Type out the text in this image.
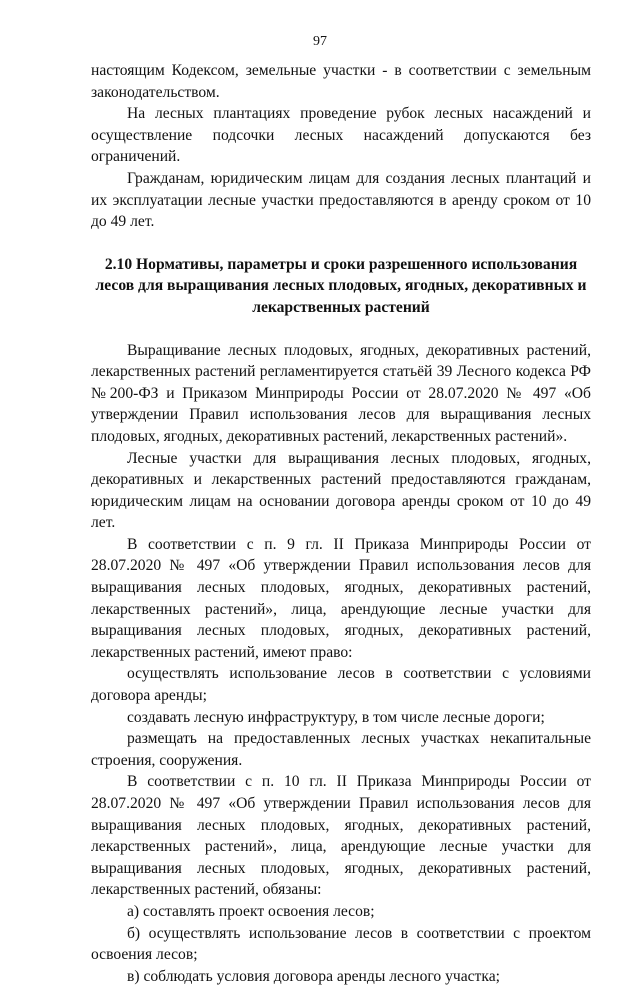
97

настоящим Кодексом, земельные участки - в соответствии с земельным законодательством.

На лесных плантациях проведение рубок лесных насаждений и осуществление подсочки лесных насаждений допускаются без ограничений.

Гражданам, юридическим лицам для создания лесных плантаций и их эксплуатации лесные участки предоставляются в аренду сроком от 10 до 49 лет.

2.10 Нормативы, параметры и сроки разрешенного использования лесов для выращивания лесных плодовых, ягодных, декоративных и лекарственных растений

Выращивание лесных плодовых, ягодных, декоративных растений, лекарственных растений регламентируется статьёй 39 Лесного кодекса РФ №200-ФЗ и Приказом Минприроды России от 28.07.2020 № 497 «Об утверждении Правил использования лесов для выращивания лесных плодовых, ягодных, декоративных растений, лекарственных растений».

Лесные участки для выращивания лесных плодовых, ягодных, декоративных и лекарственных растений предоставляются гражданам, юридическим лицам на основании договора аренды сроком от 10 до 49 лет.

В соответствии с п. 9 гл. II Приказа Минприроды России от 28.07.2020 № 497 «Об утверждении Правил использования лесов для выращивания лесных плодовых, ягодных, декоративных растений, лекарственных растений», лица, арендующие лесные участки для выращивания лесных плодовых, ягодных, декоративных растений, лекарственных растений, имеют право:

осуществлять использование лесов в соответствии с условиями договора аренды;

создавать лесную инфраструктуру, в том числе лесные дороги;

размещать на предоставленных лесных участках некапитальные строения, сооружения.

В соответствии с п. 10 гл. II Приказа Минприроды России от 28.07.2020 № 497 «Об утверждении Правил использования лесов для выращивания лесных плодовых, ягодных, декоративных растений, лекарственных растений», лица, арендующие лесные участки для выращивания лесных плодовых, ягодных, декоративных растений, лекарственных растений, обязаны:

а) составлять проект освоения лесов;

б) осуществлять использование лесов в соответствии с проектом освоения лесов;

в) соблюдать условия договора аренды лесного участка;
